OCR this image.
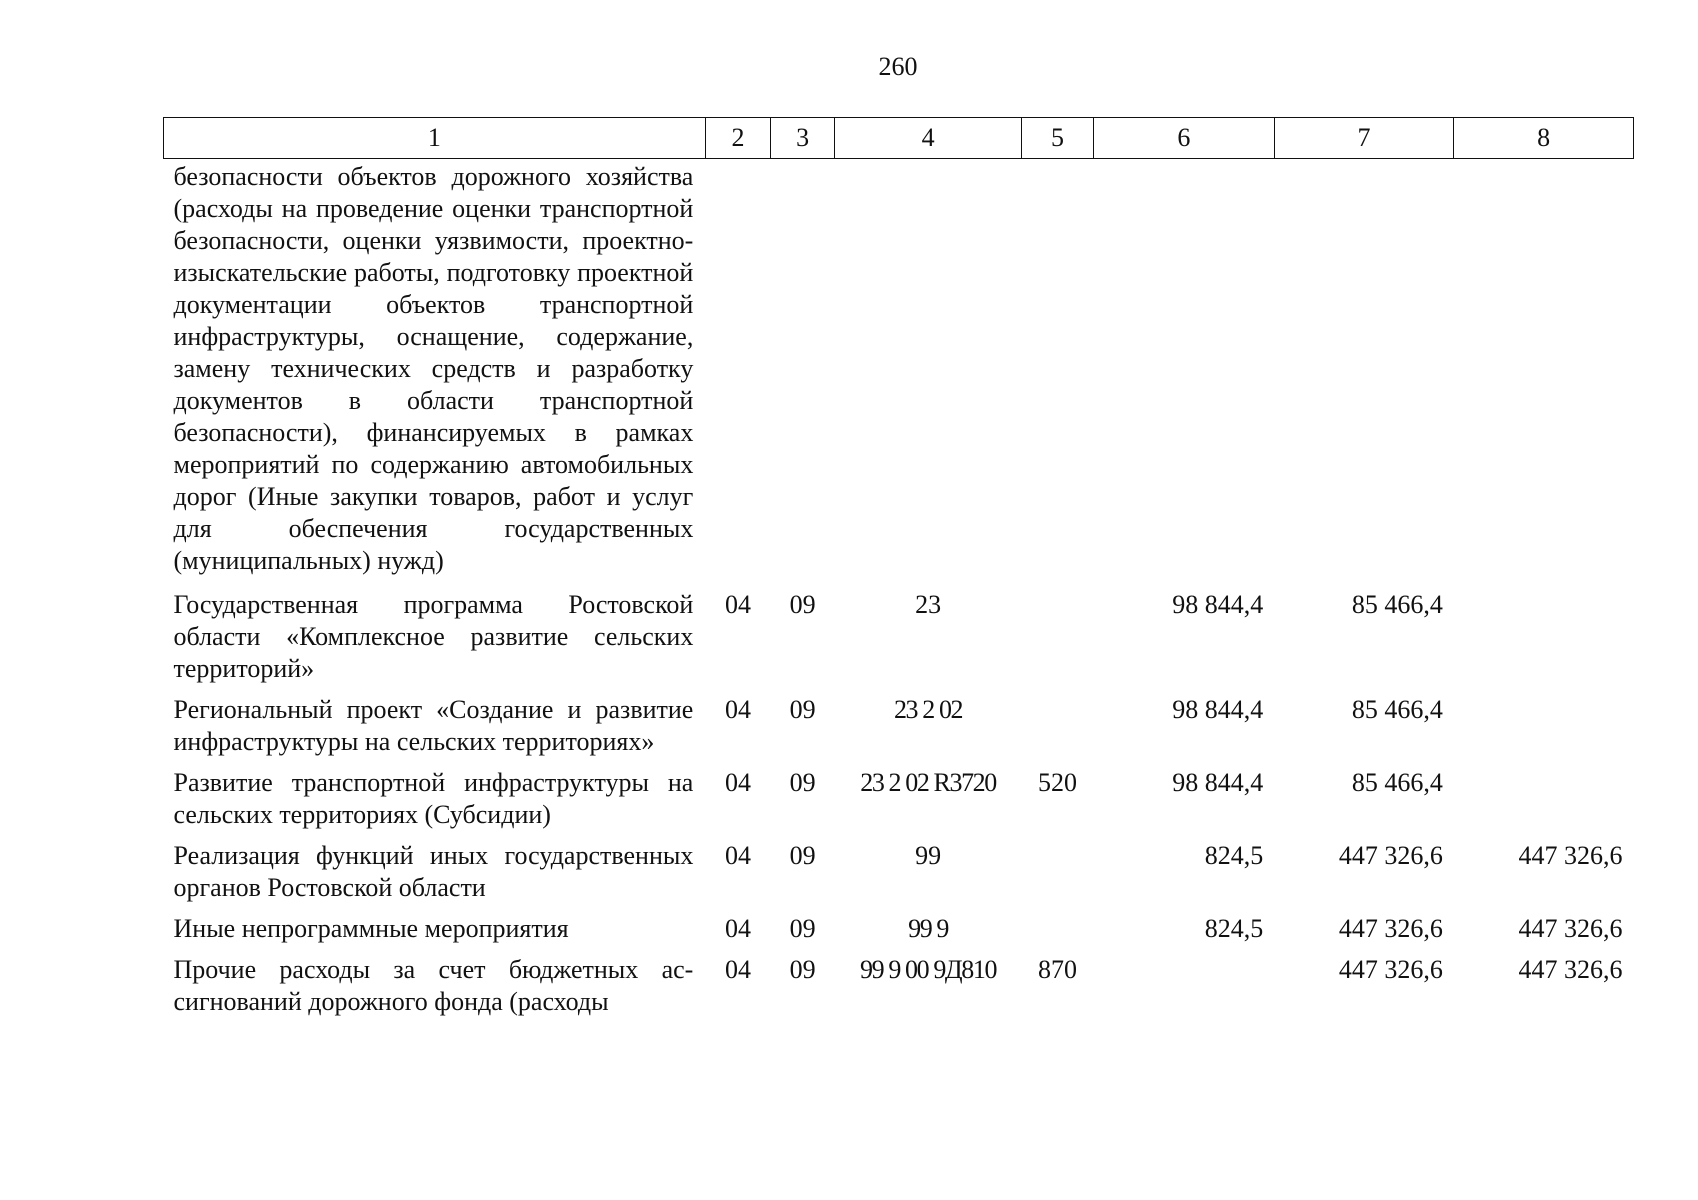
260
1	2	3	4	5	6	7	8
безопасности объектов дорожного хозяйства (расходы на проведение оценки транспортной безопасности, оценки уязвимости, проектно-изыскательские работы, подготовку проектной документации объектов транспортной инфраструктуры, оснащение, содержание, замену технических средств и разработку документов в области транспортной безопасности), финансируемых в рамках мероприятий по содержанию автомобильных дорог (Иные закупки товаров, работ и услуг для обеспечения государственных (муниципальных) нужд)							
Государственная программа Ростовской области «Комплексное развитие сельских территорий»	04	09	23		98 844,4	85 466,4	
Региональный проект «Создание и развитие инфраструктуры на сельских территориях»	04	09	23 2 02		98 844,4	85 466,4	
Развитие транспортной инфраструктуры на сельских территориях (Субсидии)	04	09	23 2 02 R3720	520	98 844,4	85 466,4	
Реализация функций иных государственных органов Ростовской области	04	09	99		824,5	447 326,6	447 326,6
Иные непрограммные мероприятия	04	09	99 9		824,5	447 326,6	447 326,6
Прочие расходы за счет бюджетных ассигнований дорожного фонда (расходы	04	09	99 9 00 9Д810	870		447 326,6	447 326,6
